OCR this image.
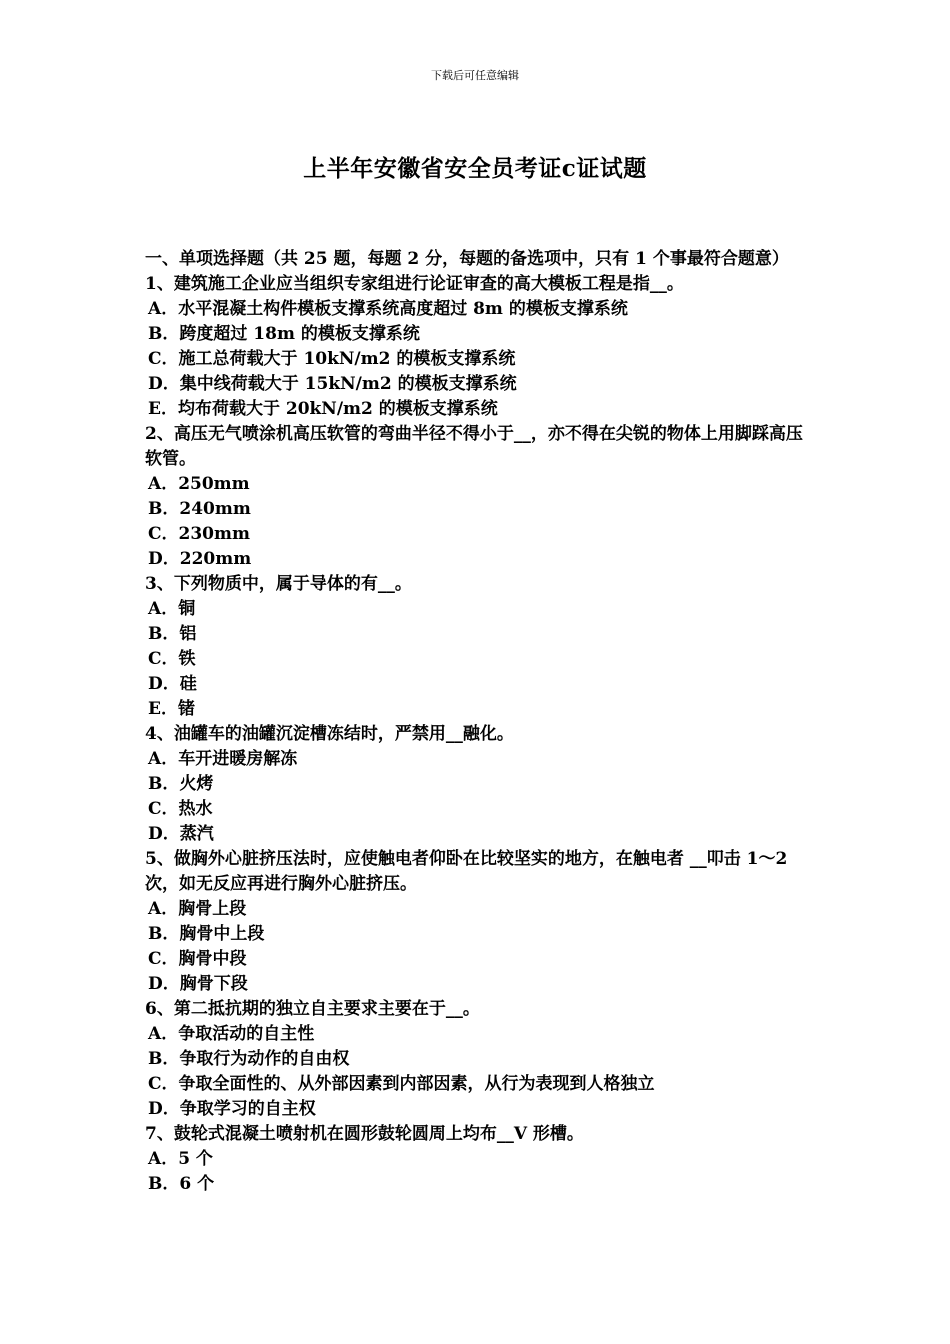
下载后可任意编辑
上半年安徽省安全员考证c证试题

一、单项选择题（共 25 题，每题 2 分，每题的备选项中，只有 1 个事最符合题意）

1、建筑施工企业应当组织专家组进行论证审查的高大模板工程是指__。

A．水平混凝土构件模板支撑系统高度超过 8m 的模板支撑系统

B．跨度超过 18m 的模板支撑系统

C．施工总荷载大于 10kN/m2 的模板支撑系统

D．集中线荷载大于 15kN/m2 的模板支撑系统

E．均布荷载大于 20kN/m2 的模板支撑系统

2、高压无气喷涂机高压软管的弯曲半径不得小于__，亦不得在尖锐的物体上用脚踩高压软管。

A．250mm

B．240mm

C．230mm

D．220mm

3、下列物质中，属于导体的有__。

A．铜

B．铝

C．铁

D．硅

E．锗

4、油罐车的油罐沉淀槽冻结时，严禁用__融化。

A．车开进暖房解冻

B．火烤

C．热水

D．蒸汽

5、做胸外心脏挤压法时，应使触电者仰卧在比较坚实的地方，在触电者 __叩击 1～2 次，如无反应再进行胸外心脏挤压。

A．胸骨上段

B．胸骨中上段

C．胸骨中段

D．胸骨下段

6、第二抵抗期的独立自主要求主要在于__。

A．争取活动的自主性

B．争取行为动作的自由权

C．争取全面性的、从外部因素到内部因素，从行为表现到人格独立

D．争取学习的自主权

7、鼓轮式混凝土喷射机在圆形鼓轮圆周上均布__V 形槽。

A．5 个

B．6 个
